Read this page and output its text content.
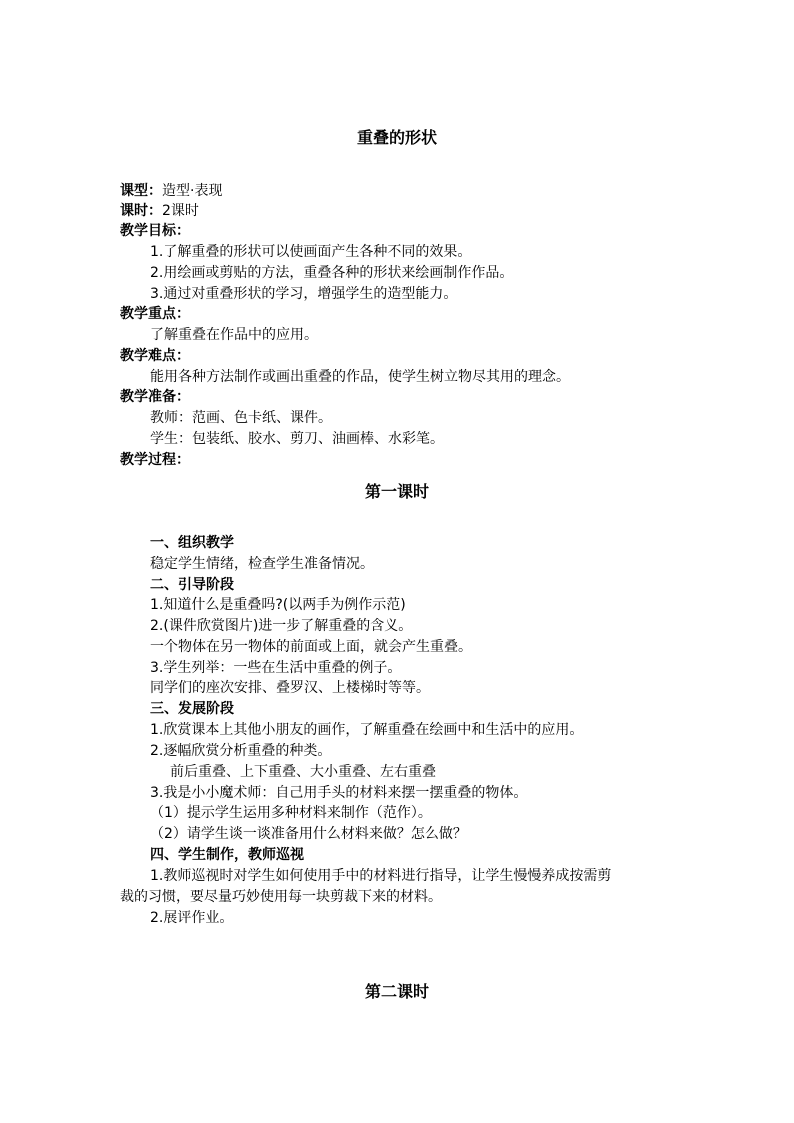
重叠的形状
课型：造型·表现
课时：2课时
教学目标：
1.了解重叠的形状可以使画面产生各种不同的效果。
2.用绘画或剪贴的方法，重叠各种的形状来绘画制作作品。
3.通过对重叠形状的学习，增强学生的造型能力。
教学重点：
了解重叠在作品中的应用。
教学难点：
能用各种方法制作或画出重叠的作品，使学生树立物尽其用的理念。
教学准备：
教师：范画、色卡纸、课件。
学生：包装纸、胶水、剪刀、油画棒、水彩笔。
教学过程：
第一课时
一、组织教学
稳定学生情绪，检查学生准备情况。
二、引导阶段
1.知道什么是重叠吗?(以两手为例作示范)
2.(课件欣赏图片)进一步了解重叠的含义。
一个物体在另一物体的前面或上面，就会产生重叠。
3.学生列举：一些在生活中重叠的例子。
同学们的座次安排、叠罗汉、上楼梯时等等。
三、发展阶段
1.欣赏课本上其他小朋友的画作，了解重叠在绘画中和生活中的应用。
2.逐幅欣赏分析重叠的种类。
前后重叠、上下重叠、大小重叠、左右重叠
3.我是小小魔术师：自己用手头的材料来摆一摆重叠的物体。
（1）提示学生运用多种材料来制作（范作）。
（2）请学生谈一谈准备用什么材料来做？怎么做？
四、学生制作，教师巡视
1.教师巡视时对学生如何使用手中的材料进行指导，让学生慢慢养成按需剪
裁的习惯，要尽量巧妙使用每一块剪裁下来的材料。
2.展评作业。
第二课时
